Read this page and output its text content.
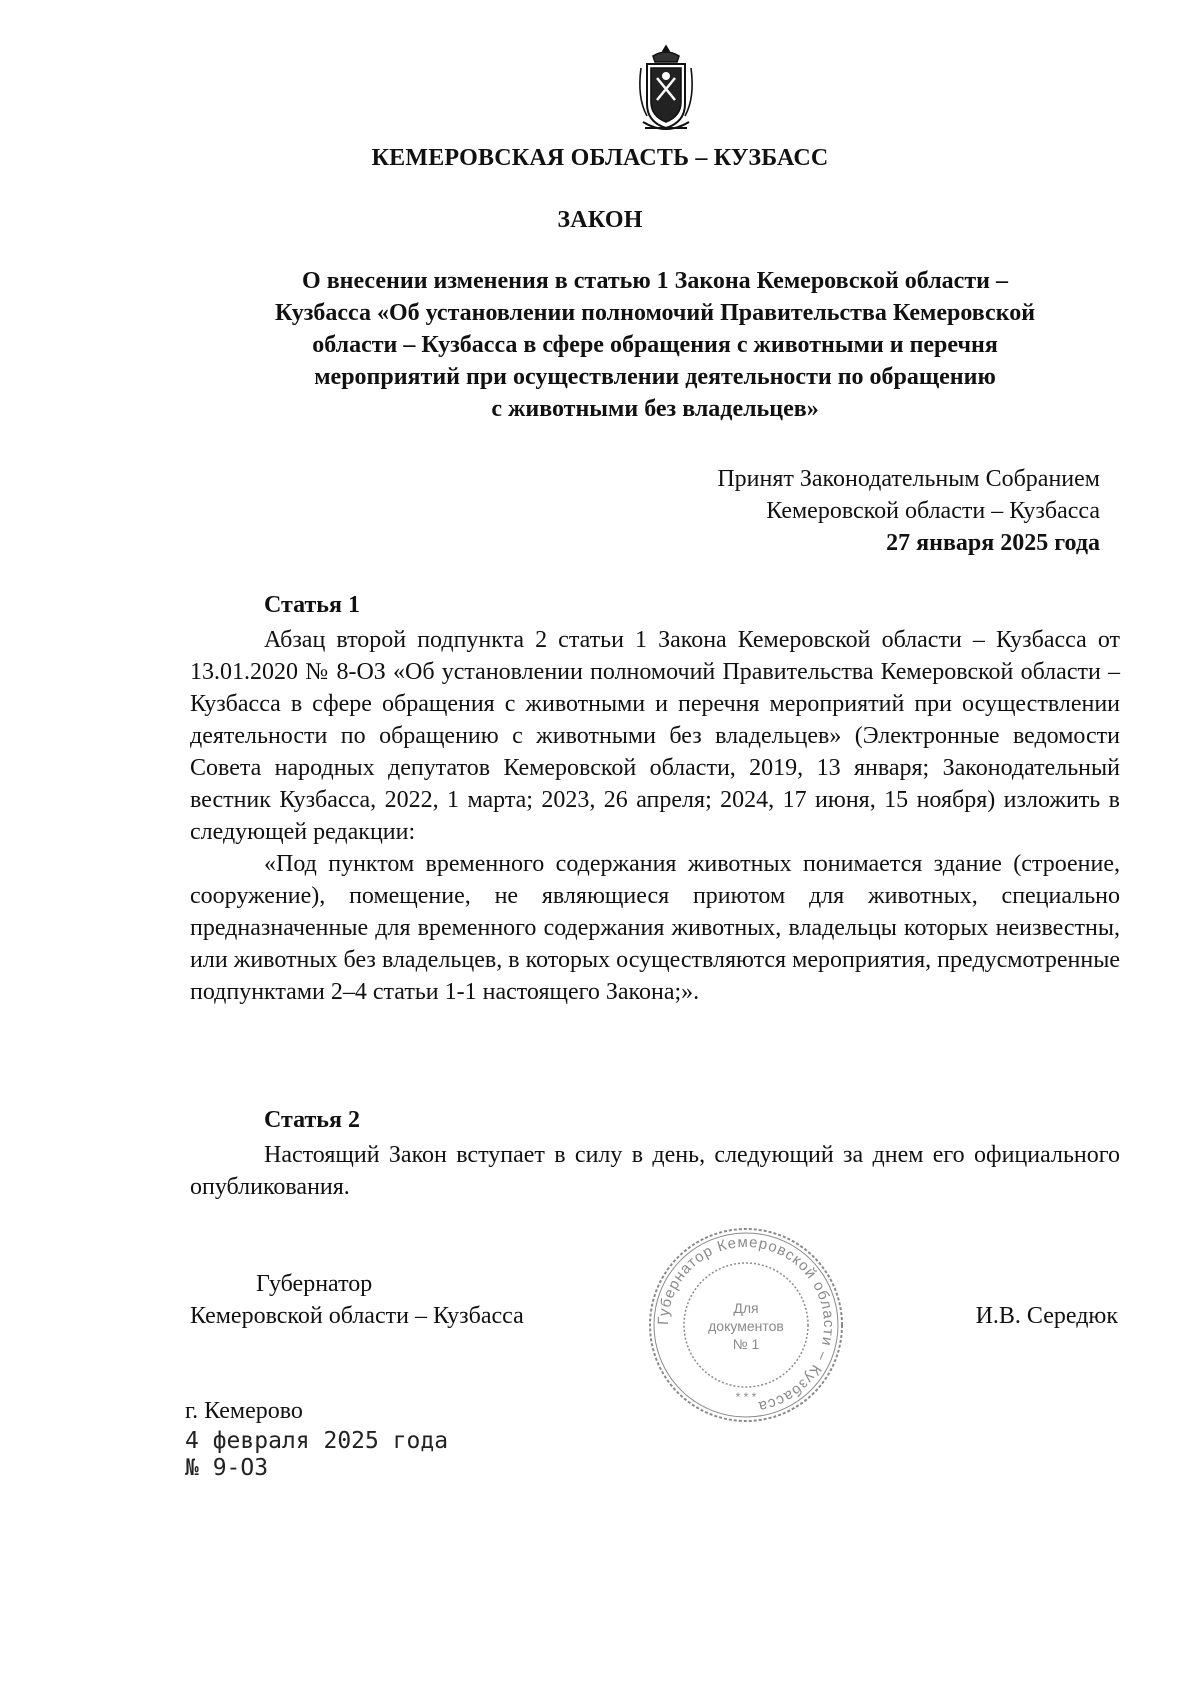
КЕМЕРОВСКАЯ ОБЛАСТЬ – КУЗБАСС
ЗАКОН
О внесении изменения в статью 1 Закона Кемеровской области –
Кузбасса «Об установлении полномочий Правительства Кемеровской
области – Кузбасса в сфере обращения с животными и перечня
мероприятий при осуществлении деятельности по обращению
с животными без владельцев»
Принят Законодательным Собранием
Кемеровской области – Кузбасса
27 января 2025 года
Статья 1

Абзац второй подпункта 2 статьи 1 Закона Кемеровской области – Кузбасса от 13.01.2020 № 8-ОЗ «Об установлении полномочий Правительства Кемеровской области – Кузбасса в сфере обращения с животными и перечня мероприятий при осуществлении деятельности по обращению с животными без владельцев» (Электронные ведомости Совета народных депутатов Кемеровской области, 2019, 13 января; Законодательный вестник Кузбасса, 2022, 1 марта; 2023, 26 апреля; 2024, 17 июня, 15 ноября) изложить в следующей редакции:

«Под пунктом временного содержания животных понимается здание (строение, сооружение), помещение, не являющиеся приютом для животных, специально предназначенные для временного содержания животных, владельцы которых неизвестны, или животных без владельцев, в которых осуществляются мероприятия, предусмотренные подпунктами 2–4 статьи 1-1 настоящего Закона;».

Статья 2

Настоящий Закон вступает в силу в день, следующий за днем его официального опубликования.

Губернатор
Кемеровской области – Кузбасса	Губернатор Кемеровской области – Кузбасса
Для
документов
№ 1
* * *
И.В. Середюк
г. Кемерово
4 февраля 2025 года
№ 9-ОЗ
